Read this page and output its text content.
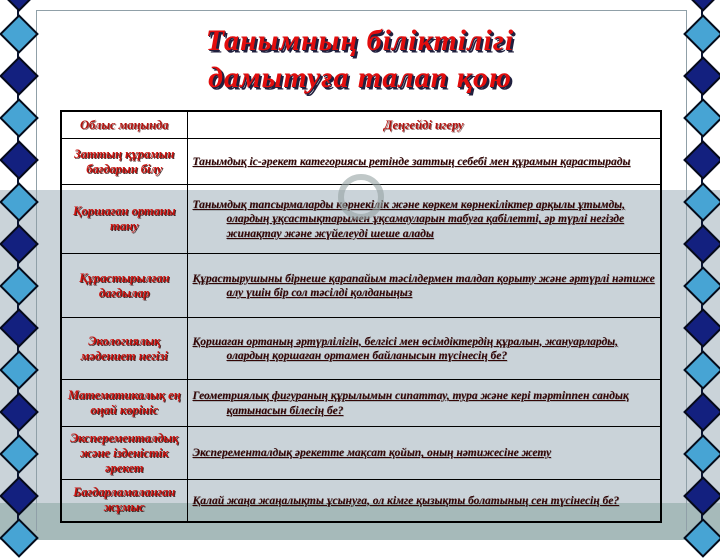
Танымның біліктілігі
дамытуға талап қою
Облыс маңында	Деңгейді игеру
Заттың құрамын бағдарын білу	Танымдық іс-әрекет категориясы ретінде заттың себебі мен құрамын қарастырады

Қоршаған ортаны тану	Танымдық тапсырмаларды көрнекілік және көркем көрнекіліктер арқылы ұтымды, олардың ұқсастықтарымен ұқсамауларын табуға қабілетті, әр түрлі негізде жинақтау және жүйелеуді шеше алады

Құрастырылған дағдылар	Құрастырушыны бірнеше қарапайым тәсілдермен талдап қорыту және әртүрлі нәтиже алу үшін бір сол тәсілді қолданыңыз

Экологиялық мәдениет негізі	Қоршаған ортаның әртүрлілігін, белгісі мен өсімдіктердің құралын, жануарларды, олардың қоршаған ортамен байланысын түсінесің бе?

Математикалық ең оңай көрініс	Геометриялық фигураның құрылымын сипаттау, тура және кері тәртіппен сандық қатынасын білесің бе?

Эксперементалдық және ізденістік әрекет	Эксперементалдық әрекетте мақсат қойып, оның нәтижесіне жету

Бағдарламаланған жұмыс	Қалай жаңа жаңалықты ұсынуға, ол кімге қызықты болатының сен түсінесің бе?
